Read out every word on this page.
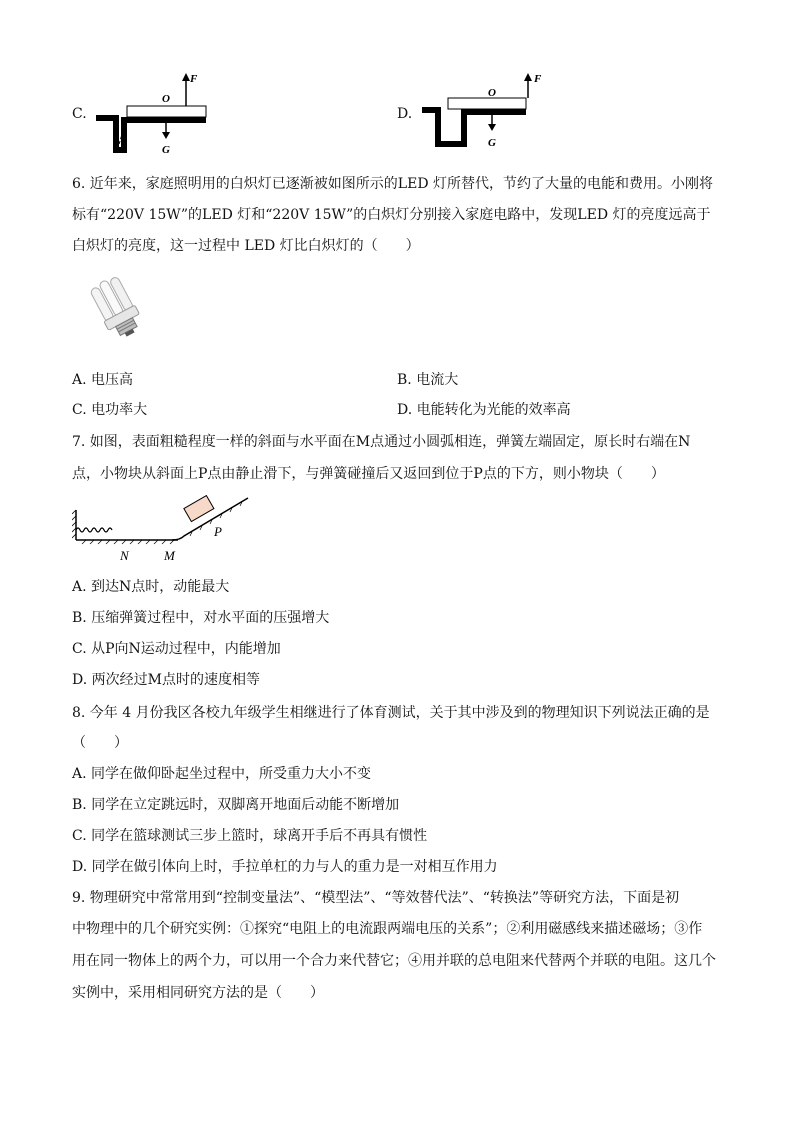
C.
F
O
G
D.
F
O
G
6. 近年来，家庭照明用的白炽灯已逐渐被如图所示的LED 灯所替代，节约了大量的电能和费用。小刚将
标有“220V 15W”的LED 灯和“220V 15W”的白炽灯分别接入家庭电路中，发现LED 灯的亮度远高于
白炽灯的亮度，这一过程中 LED 灯比白炽灯的（　　）
A. 电压高	B. 电流大
C. 电功率大	D. 电能转化为光能的效率高
7. 如图，表面粗糙程度一样的斜面与水平面在M点通过小圆弧相连，弹簧左端固定，原长时右端在N
点，小物块从斜面上P点由静止滑下，与弹簧碰撞后又返回到位于P点的下方，则小物块（　　）
N	M
P
A. 到达N点时，动能最大
B. 压缩弹簧过程中，对水平面的压强增大
C. 从P向N运动过程中，内能增加
D. 两次经过M点时的速度相等
8. 今年 4 月份我区各校九年级学生相继进行了体育测试，关于其中涉及到的物理知识下列说法正确的是
（　　）
A. 同学在做仰卧起坐过程中，所受重力大小不变
B. 同学在立定跳远时，双脚离开地面后动能不断增加
C. 同学在篮球测试三步上篮时，球离开手后不再具有惯性
D. 同学在做引体向上时，手拉单杠的力与人的重力是一对相互作用力
9. 物理研究中常常用到“控制变量法”、“模型法”、“等效替代法”、“转换法”等研究方法，下面是初
中物理中的几个研究实例：①探究“电阻上的电流跟两端电压的关系”；②利用磁感线来描述磁场；③作
用在同一物体上的两个力，可以用一个合力来代替它；④用并联的总电阻来代替两个并联的电阻。这几个
实例中，采用相同研究方法的是（　　）
